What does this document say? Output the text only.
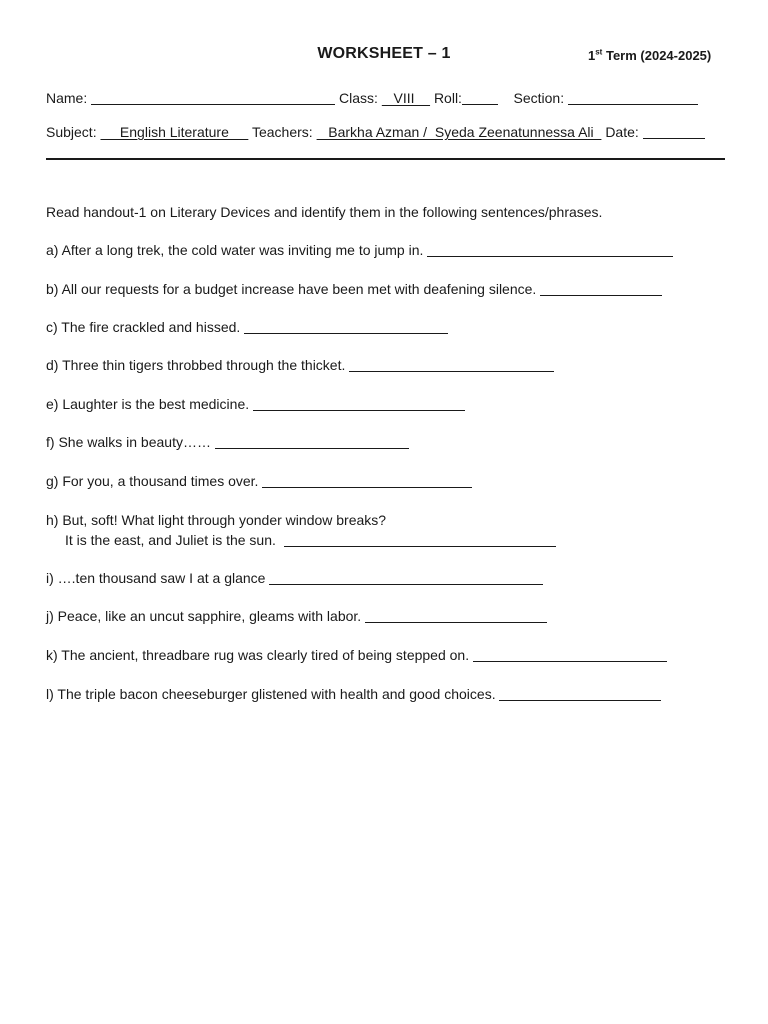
WORKSHEET – 1	1st Term (2024-2025)
Name:	Class:    VIII     Roll:	Section:
Subject:      English Literature      Teachers:    Barkha Azman /  Syeda Zeenatunnessa Ali   Date:
Read handout-1 on Literary Devices and identify them in the following sentences/phrases.
a) After a long trek, the cold water was inviting me to jump in.
b) All our requests for a budget increase have been met with deafening silence.
c) The fire crackled and hissed.
d) Three thin tigers throbbed through the thicket.
e) Laughter is the best medicine.
f) She walks in beauty……
g) For you, a thousand times over.
h) But, soft! What light through yonder window breaks?
It is the east, and Juliet is the sun.
i) ….ten thousand saw I at a glance
j) Peace, like an uncut sapphire, gleams with labor.
k) The ancient, threadbare rug was clearly tired of being stepped on.
l) The triple bacon cheeseburger glistened with health and good choices.
